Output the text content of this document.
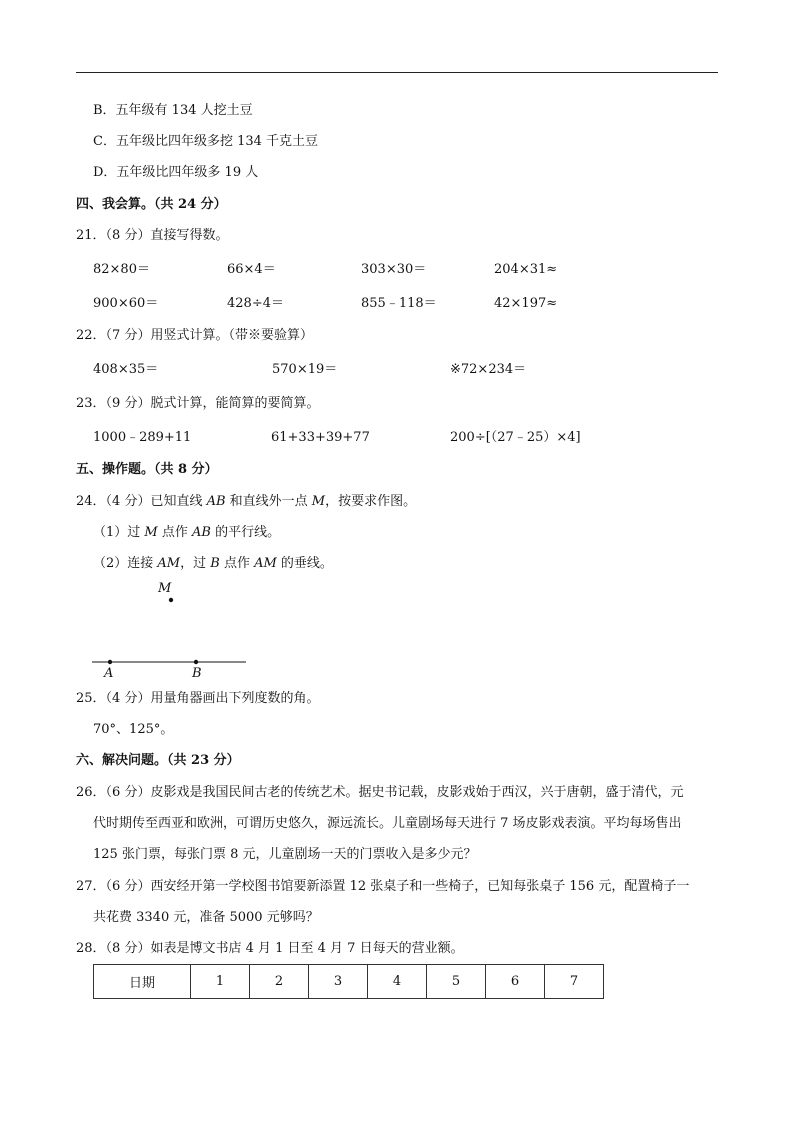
B．五年级有 134 人挖土豆
C．五年级比四年级多挖 134 千克土豆
D．五年级比四年级多 19 人
四、我会算。（共 24 分）
21．（8 分）直接写得数。
82×80＝	66×4＝	303×30＝	204×31≈
900×60＝	428÷4＝	855﹣118＝	42×197≈
22．（7 分）用竖式计算。（带※要验算）
408×35＝	570×19＝	※72×234＝
23．（9 分）脱式计算，能简算的要简算。
1000﹣289+11	61+33+39+77	200÷[（27﹣25）×4]
五、操作题。（共 8 分）
24．（4 分）已知直线 AB 和直线外一点 M，按要求作图。
（1）过 M 点作 AB 的平行线。
（2）连接 AM，过 B 点作 AM 的垂线。
M
A	B
25．（4 分）用量角器画出下列度数的角。
70°、125°。
六、解决问题。（共 23 分）
26．（6 分）皮影戏是我国民间古老的传统艺术。据史书记载，皮影戏始于西汉，兴于唐朝，盛于清代，元
代时期传至西亚和欧洲，可谓历史悠久，源远流长。儿童剧场每天进行 7 场皮影戏表演。平均每场售出
125 张门票，每张门票 8 元，儿童剧场一天的门票收入是多少元？
27．（6 分）西安经开第一学校图书馆要新添置 12 张桌子和一些椅子，已知每张桌子 156 元，配置椅子一
共花费 3340 元，准备 5000 元够吗？
28．（8 分）如表是博文书店 4 月 1 日至 4 月 7 日每天的营业额。
日期	1	2	3	4	5	6	7
